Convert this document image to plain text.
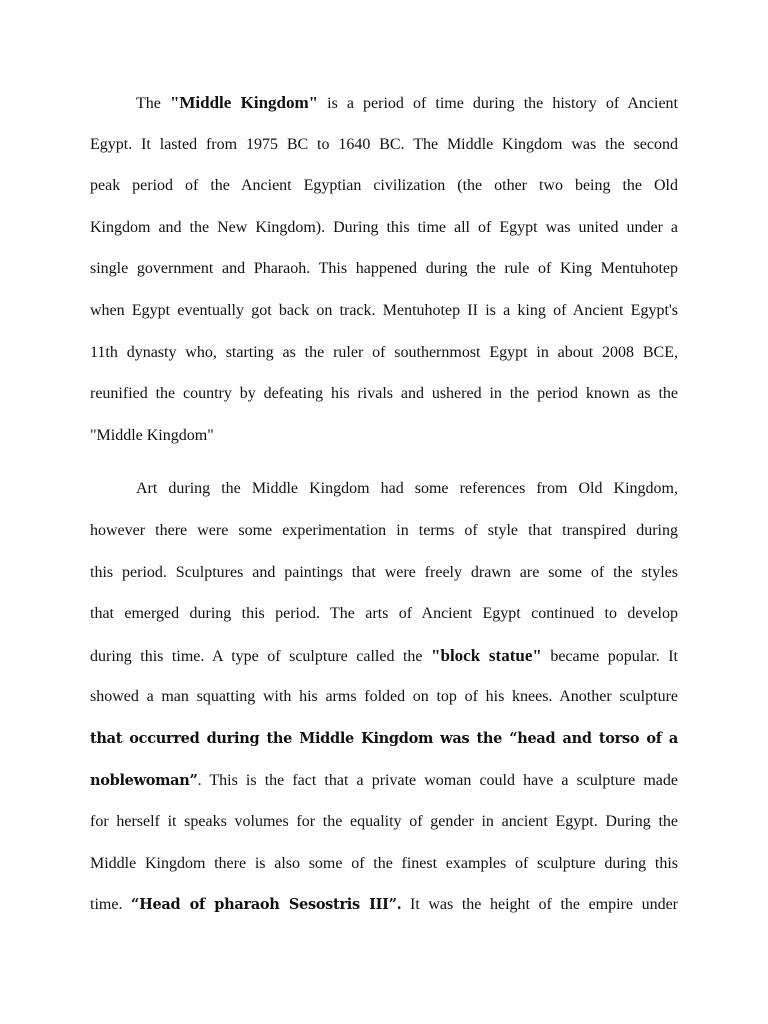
The "Middle Kingdom" is a period of time during the history of Ancient
Egypt. It lasted from 1975 BC to 1640 BC. The Middle Kingdom was the second
peak period of the Ancient Egyptian civilization (the other two being the Old
Kingdom and the New Kingdom). During this time all of Egypt was united under a
single government and Pharaoh. This happened during the rule of King Mentuhotep
when Egypt eventually got back on track. Mentuhotep II is a king of Ancient Egypt's
11th dynasty who, starting as the ruler of southernmost Egypt in about 2008 BCE,
reunified the country by defeating his rivals and ushered in the period known as the
"Middle Kingdom"
Art during the Middle Kingdom had some references from Old Kingdom,
however there were some experimentation in terms of style that transpired during
this period. Sculptures and paintings that were freely drawn are some of the styles
that emerged during this period. The arts of Ancient Egypt continued to develop
during this time. A type of sculpture called the "block statue" became popular. It
showed a man squatting with his arms folded on top of his knees. Another sculpture
that occurred during the Middle Kingdom was the “head and torso of a
noblewoman”. This is the fact that a private woman could have a sculpture made
for herself it speaks volumes for the equality of gender in ancient Egypt. During the
Middle Kingdom there is also some of the finest examples of sculpture during this
time. “Head of pharaoh Sesostris III”. It was the height of the empire under
